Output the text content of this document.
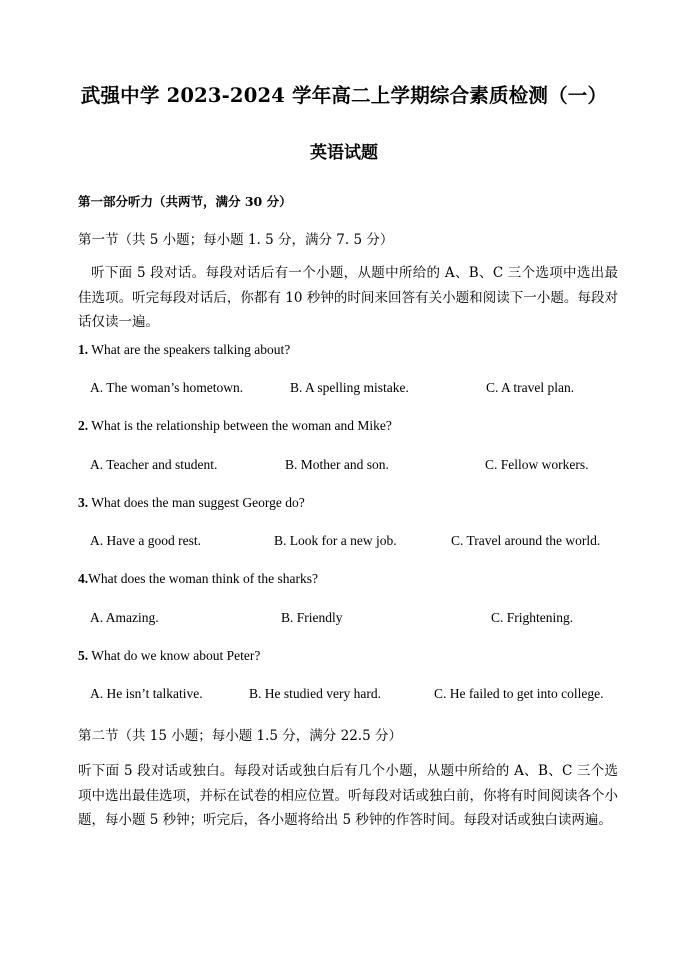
武强中学 2023-2024 学年高二上学期综合素质检测（一）
英语试题
第一部分听力（共两节，满分 30 分）
第一节（共 5 小题；每小题 1. 5 分，满分 7. 5 分）
听下面 5 段对话。每段对话后有一个小题，从题中所给的 A、B、C 三个选项中选出最佳选项。听完每段对话后，你都有 10 秒钟的时间来回答有关小题和阅读下一小题。每段对话仅读一遍。
1. What are the speakers talking about?
A. The woman’s hometown.	B. A spelling mistake.	C. A travel plan.
2. What is the relationship between the woman and Mike?
A. Teacher and student.	B. Mother and son.	C. Fellow workers.
3. What does the man suggest George do?
A. Have a good rest.	B. Look for a new job.	C. Travel around the world.
4.What does the woman think of the sharks?
A. Amazing.	B. Friendly	C. Frightening.
5. What do we know about Peter?
A. He isn’t talkative.	B. He studied very hard.	C. He failed to get into college.
第二节（共 15 小题；每小题 1.5 分，满分 22.5 分）
听下面 5 段对话或独白。每段对话或独白后有几个小题，从题中所给的 A、B、C 三个选项中选出最佳选项，并标在试卷的相应位置。听每段对话或独白前，你将有时间阅读各个小题，每小题 5 秒钟；听完后，各小题将给出 5 秒钟的作答时间。每段对话或独白读两遍。
